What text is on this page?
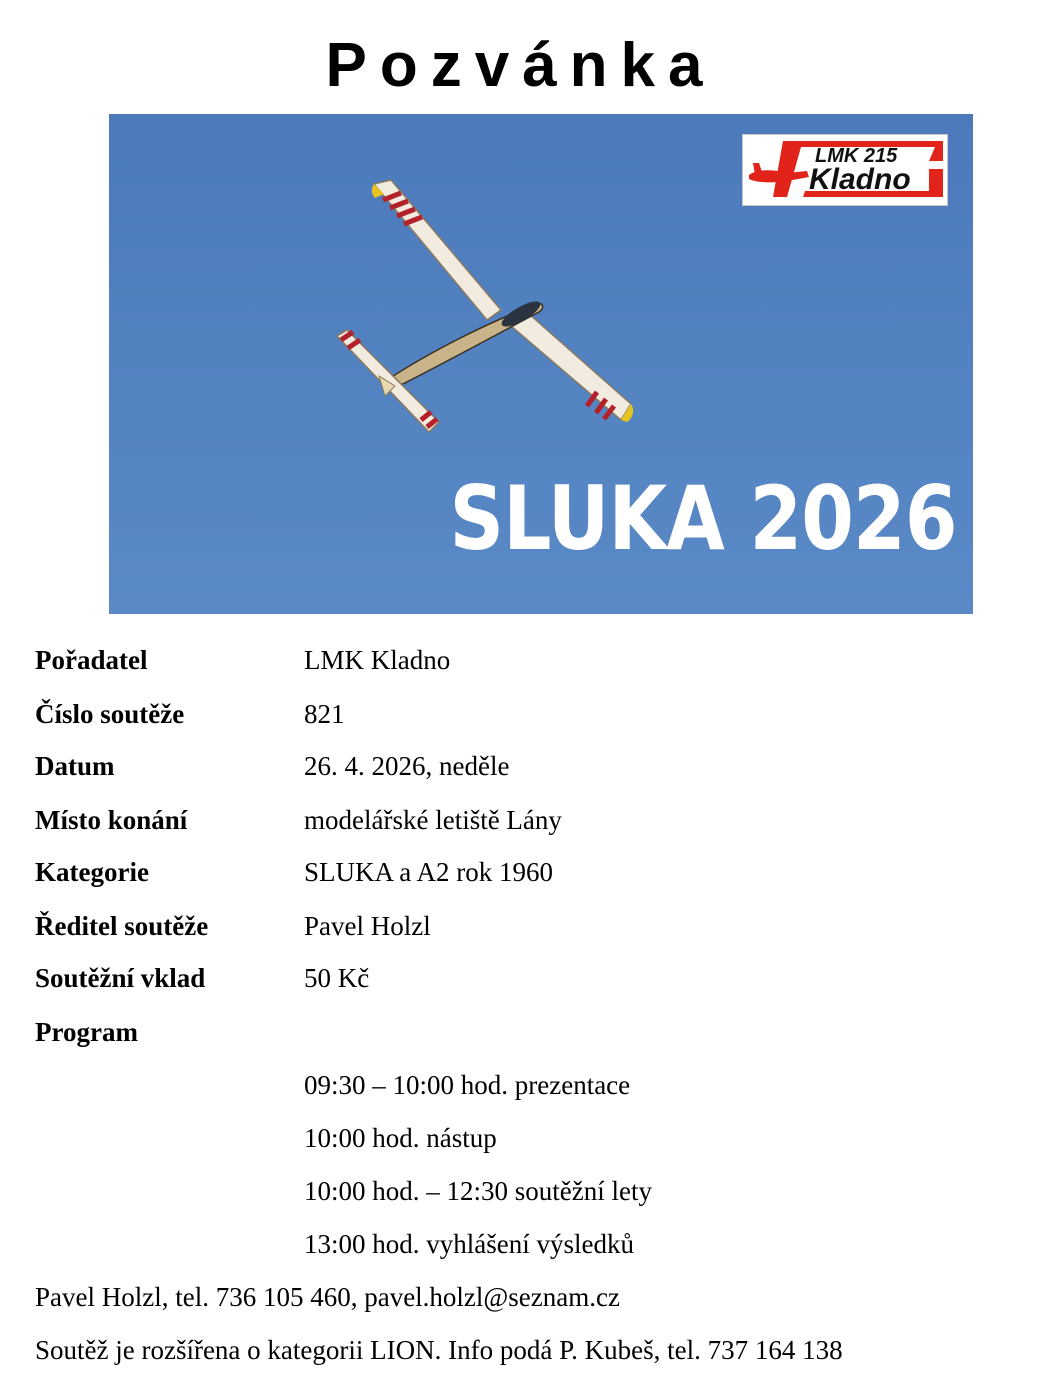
Pozvánka
LMK 215
Kladno
SLUKA 2026
Pořadatel	LMK Kladno
Číslo soutěže	821
Datum	26. 4. 2026, neděle
Místo konání	modelářské letiště Lány
Kategorie	SLUKA a A2 rok 1960
Ředitel soutěže	Pavel Holzl
Soutěžní vklad	50 Kč
Program
09:30 – 10:00 hod. prezentace
10:00 hod. nástup
10:00 hod. – 12:30 soutěžní lety
13:00 hod. vyhlášení výsledků
Pavel Holzl, tel. 736 105 460, pavel.holzl@seznam.cz
Soutěž je rozšířena o kategorii LION. Info podá P. Kubeš, tel. 737 164 138
